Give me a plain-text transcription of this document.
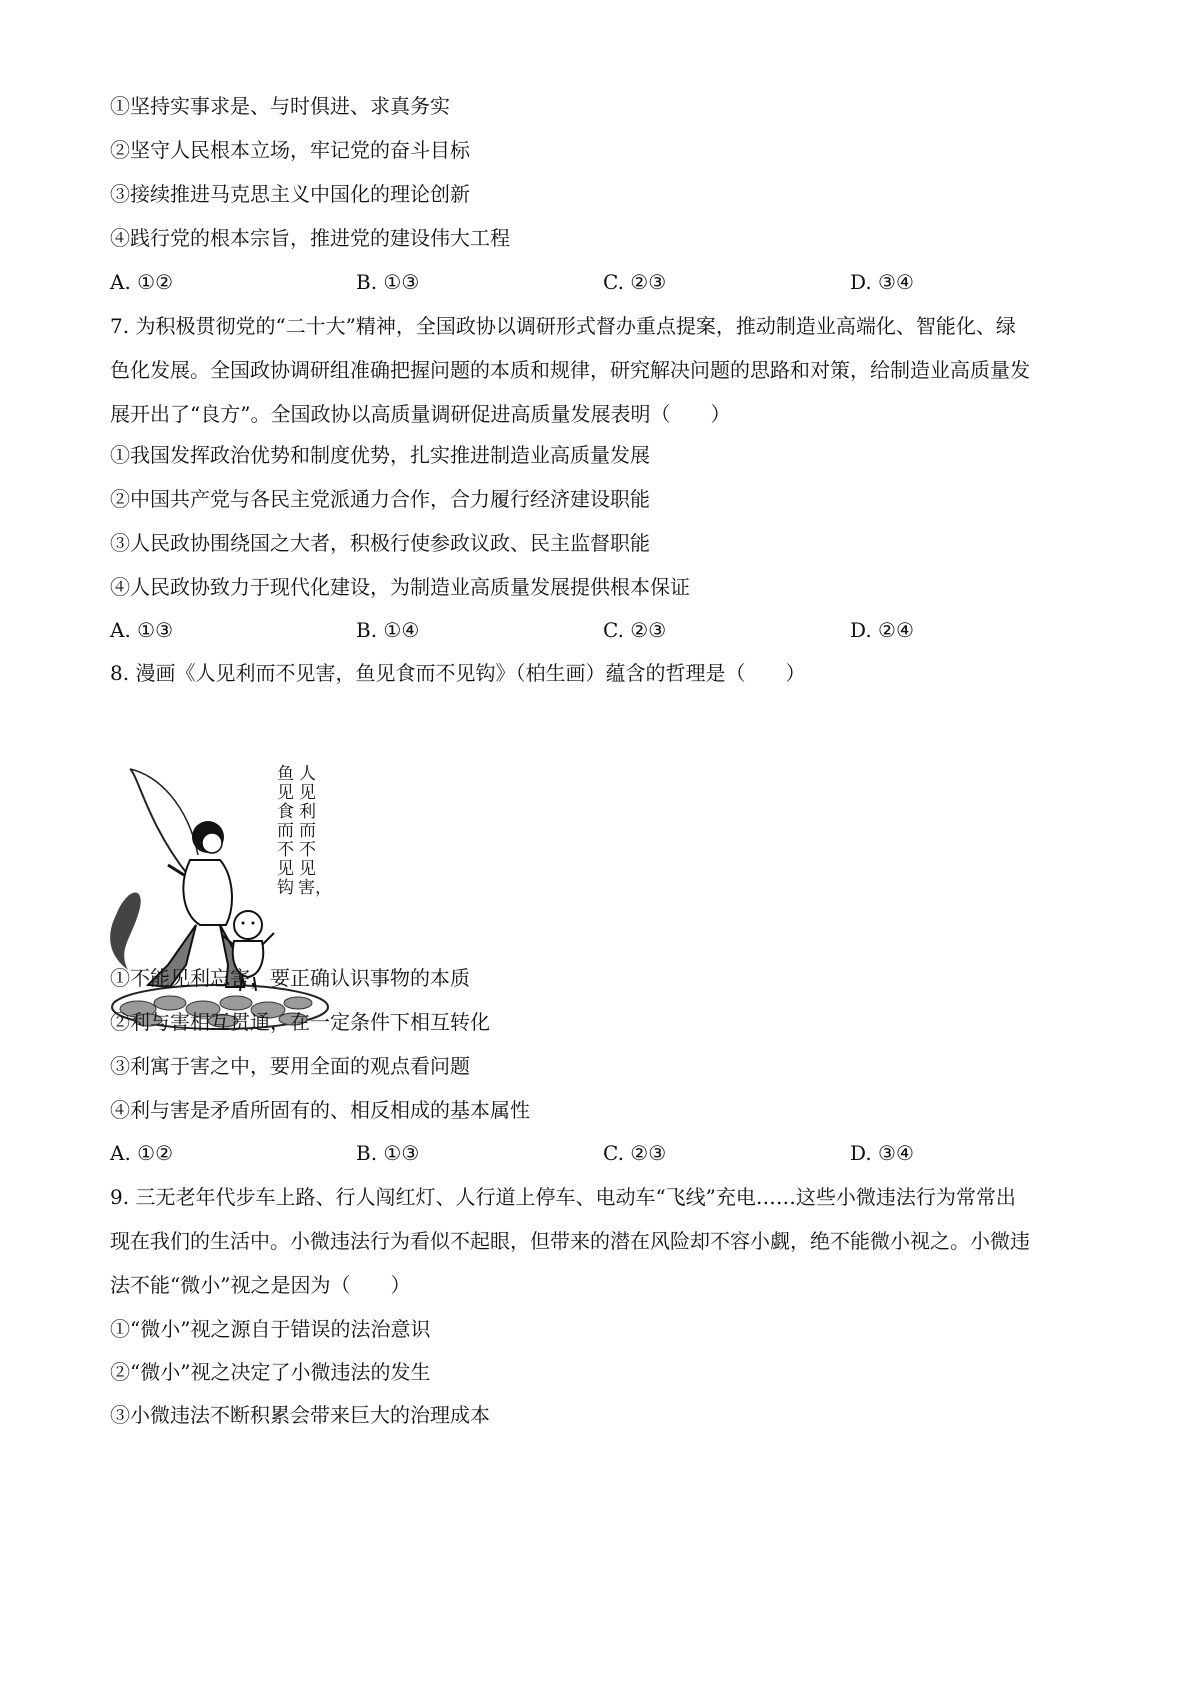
①坚持实事求是、与时俱进、求真务实
②坚守人民根本立场，牢记党的奋斗目标
③接续推进马克思主义中国化的理论创新
④践行党的根本宗旨，推进党的建设伟大工程
A. ①②	B. ①③	C. ②③	D. ③④
7. 为积极贯彻党的“二十大”精神，全国政协以调研形式督办重点提案，推动制造业高端化、智能化、绿
色化发展。全国政协调研组准确把握问题的本质和规律，研究解决问题的思路和对策，给制造业高质量发
展开出了“良方”。全国政协以高质量调研促进高质量发展表明（　　）
①我国发挥政治优势和制度优势，扎实推进制造业高质量发展
②中国共产党与各民主党派通力合作，合力履行经济建设职能
③人民政协围绕国之大者，积极行使参政议政、民主监督职能
④人民政协致力于现代化建设，为制造业高质量发展提供根本保证
A. ①③	B. ①④	C. ②③	D. ②④
8. 漫画《人见利而不见害，鱼见食而不见钩》（柏生画）蕴含的哲理是（　　）
人见利而不见害，
鱼见食而不见钩
①不能见利忘害，要正确认识事物的本质
②利与害相互贯通，在一定条件下相互转化
③利寓于害之中，要用全面的观点看问题
④利与害是矛盾所固有的、相反相成的基本属性
A. ①②	B. ①③	C. ②③	D. ③④
9. 三无老年代步车上路、行人闯红灯、人行道上停车、电动车“飞线”充电……这些小微违法行为常常出
现在我们的生活中。小微违法行为看似不起眼，但带来的潜在风险却不容小觑，绝不能微小视之。小微违
法不能“微小”视之是因为（　　）
①“微小”视之源自于错误的法治意识
②“微小”视之决定了小微违法的发生
③小微违法不断积累会带来巨大的治理成本
